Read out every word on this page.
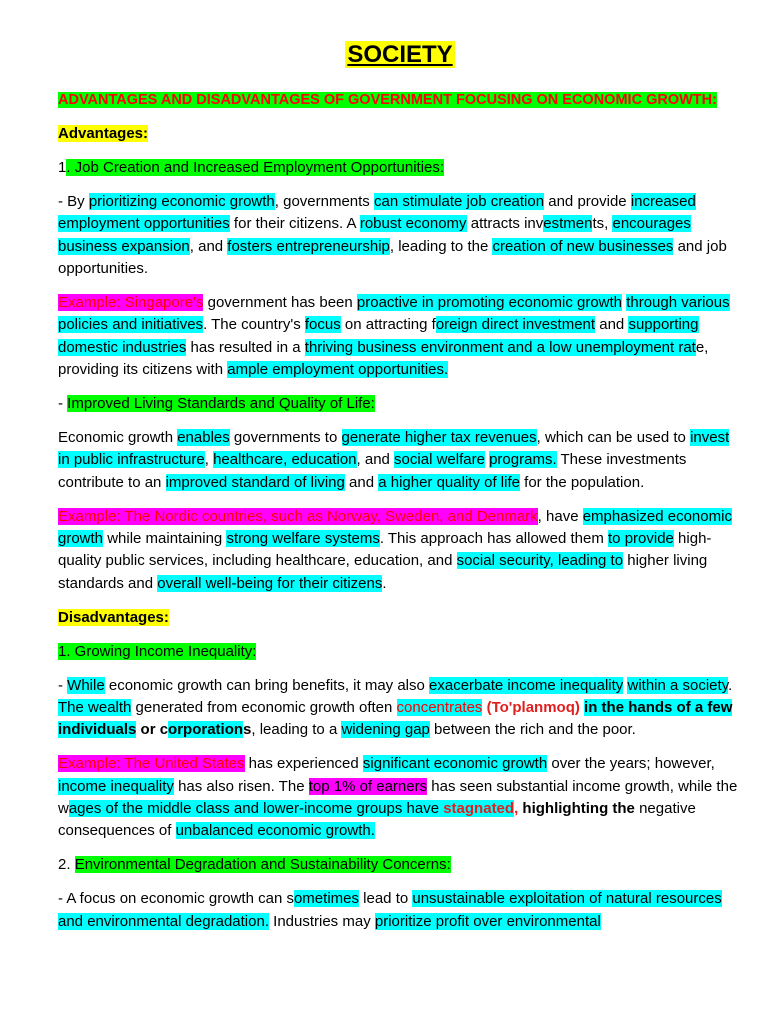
SOCIETY

ADVANTAGES AND DISADVANTAGES OF GOVERNMENT FOCUSING ON ECONOMIC GROWTH:

Advantages:

1. Job Creation and Increased Employment Opportunities:

- By prioritizing economic growth, governments can stimulate job creation and provide increased employment opportunities for their citizens. A robust economy attracts investments, encourages business expansion, and fosters entrepreneurship, leading to the creation of new businesses and job opportunities.

Example: Singapore's government has been proactive in promoting economic growth through various policies and initiatives. The country's focus on attracting foreign direct investment and supporting domestic industries has resulted in a thriving business environment and a low unemployment rate, providing its citizens with ample employment opportunities.

- Improved Living Standards and Quality of Life:

Economic growth enables governments to generate higher tax revenues, which can be used to invest in public infrastructure, healthcare, education, and social welfare programs. These investments contribute to an improved standard of living and a higher quality of life for the population.

Example: The Nordic countries, such as Norway, Sweden, and Denmark, have emphasized economic growth while maintaining strong welfare systems. This approach has allowed them to provide high-quality public services, including healthcare, education, and social security, leading to higher living standards and overall well-being for their citizens.

Disadvantages:

1. Growing Income Inequality:

- While economic growth can bring benefits, it may also exacerbate income inequality within a society. The wealth generated from economic growth often concentrates (To'planmoq) in the hands of a few individuals or corporations, leading to a widening gap between the rich and the poor.

Example: The United States has experienced significant economic growth over the years; however, income inequality has also risen. The top 1% of earners has seen substantial income growth, while the wages of the middle class and lower-income groups have stagnated, highlighting the negative consequences of unbalanced economic growth.

2. Environmental Degradation and Sustainability Concerns:

- A focus on economic growth can sometimes lead to unsustainable exploitation of natural resources and environmental degradation. Industries may prioritize profit over environmental
